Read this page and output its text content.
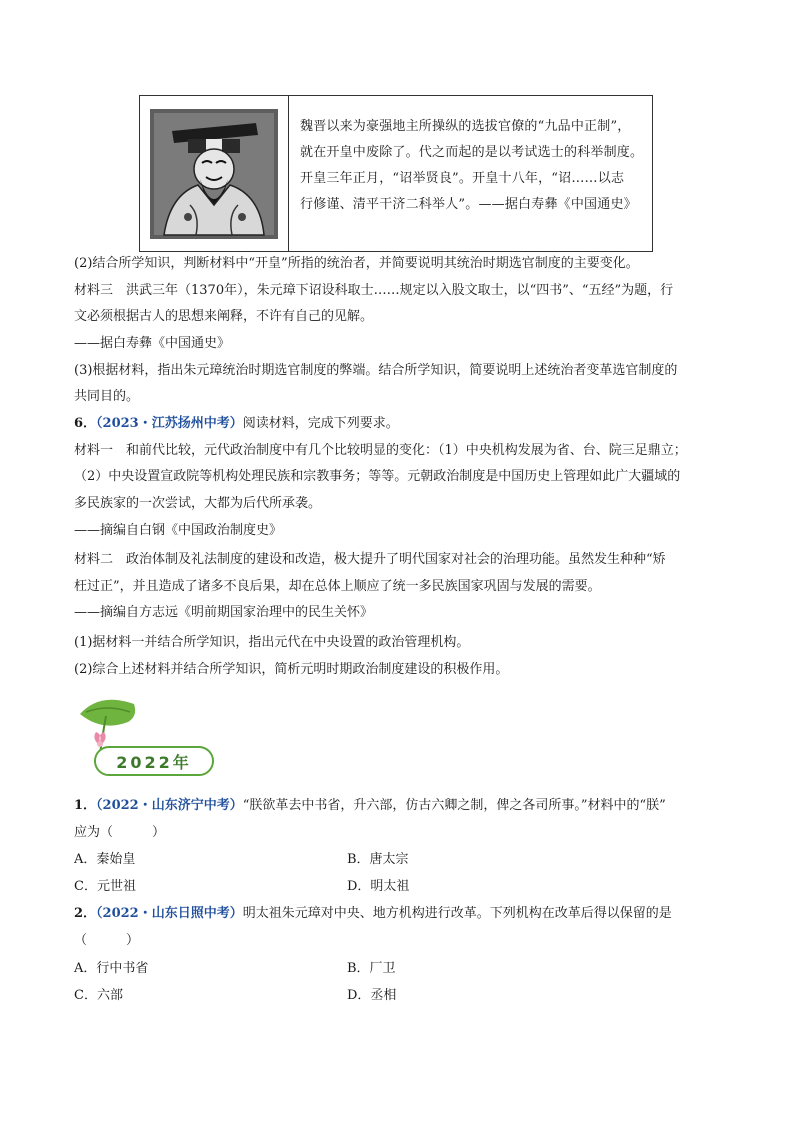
魏晋以来为豪强地主所操纵的选拔官僚的“九品中正制”，

就在开皇中废除了。代之而起的是以考试选士的科举制度。

开皇三年正月，“诏举贤良”。开皇十八年，“诏……以志

行修谨、清平干济二科举人”。——据白寿彝《中国通史》

(2)结合所学知识，判断材料中“开皇”所指的统治者，并简要说明其统治时期选官制度的主要变化。

材料三　洪武三年（1370年），朱元璋下诏设科取士……规定以入股文取士，以“四书”、“五经”为题，行

文必须根据古人的思想来阐释，不许有自己的见解。

——据白寿彝《中国通史》

(3)根据材料，指出朱元璋统治时期选官制度的弊端。结合所学知识，简要说明上述统治者变革选官制度的

共同目的。

6．（2023・江苏扬州中考）阅读材料，完成下列要求。

材料一　和前代比较，元代政治制度中有几个比较明显的变化：（1）中央机构发展为省、台、院三足鼎立；

（2）中央设置宣政院等机构处理民族和宗教事务；等等。元朝政治制度是中国历史上管理如此广大疆域的

多民族家的一次尝试，大都为后代所承袭。

——摘编自白钢《中国政治制度史》

材料二　政治体制及礼法制度的建设和改造，极大提升了明代国家对社会的治理功能。虽然发生种种“矫

枉过正”，并且造成了诸多不良后果，却在总体上顺应了统一多民族国家巩固与发展的需要。

——摘编自方志远《明前期国家治理中的民生关怀》

(1)据材料一并结合所学知识，指出元代在中央设置的政治管理机构。

(2)综合上述材料并结合所学知识，简析元明时期政治制度建设的积极作用。

2022年

1．（2022・山东济宁中考）“朕欲革去中书省，升六部，仿古六卿之制，俾之各司所事。”材料中的“朕”

应为（　　　）

A．秦始皇	B．唐太宗

C．元世祖	D．明太祖

2．（2022・山东日照中考）明太祖朱元璋对中央、地方机构进行改革。下列机构在改革后得以保留的是

（　　　）

A．行中书省	B．厂卫

C．六部	D．丞相
